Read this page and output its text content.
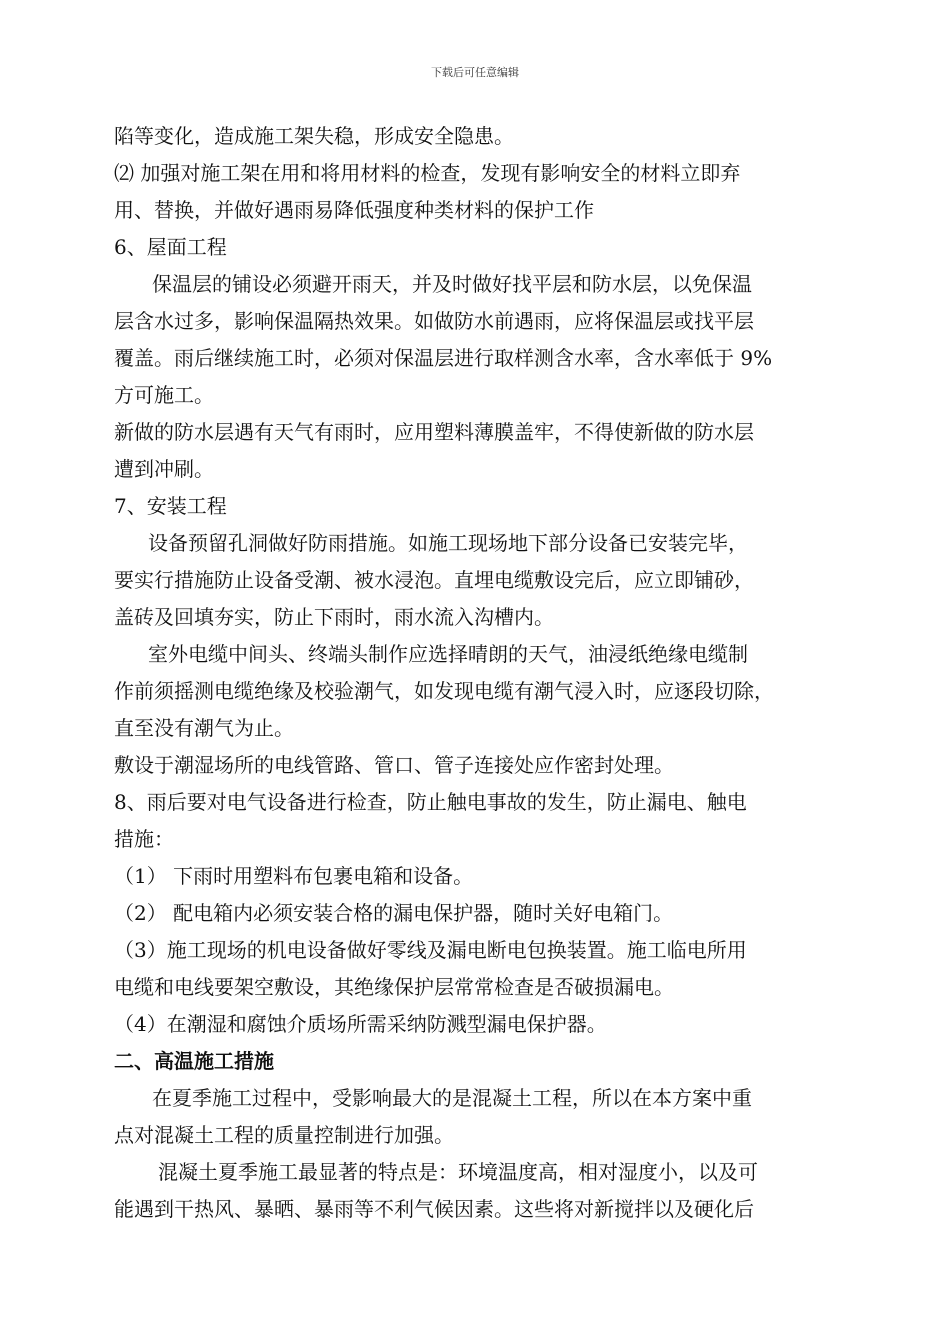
下载后可任意编辑
陷等变化，造成施工架失稳，形成安全隐患。
⑵ 加强对施工架在用和将用材料的检查，发现有影响安全的材料立即弃
用、替换，并做好遇雨易降低强度种类材料的保护工作
6、屋面工程
保温层的铺设必须避开雨天，并及时做好找平层和防水层，以免保温
层含水过多，影响保温隔热效果。如做防水前遇雨，应将保温层或找平层
覆盖。雨后继续施工时，必须对保温层进行取样测含水率，含水率低于 9%
方可施工。
新做的防水层遇有天气有雨时，应用塑料薄膜盖牢，不得使新做的防水层
遭到冲刷。
7、安装工程
设备预留孔洞做好防雨措施。如施工现场地下部分设备已安装完毕，
要实行措施防止设备受潮、被水浸泡。直埋电缆敷设完后，应立即铺砂，
盖砖及回填夯实，防止下雨时，雨水流入沟槽内。
室外电缆中间头、终端头制作应选择晴朗的天气，油浸纸绝缘电缆制
作前须摇测电缆绝缘及校验潮气，如发现电缆有潮气浸入时，应逐段切除，
直至没有潮气为止。
敷设于潮湿场所的电线管路、管口、管子连接处应作密封处理。
8、雨后要对电气设备进行检查，防止触电事故的发生，防止漏电、触电
措施：
（1） 下雨时用塑料布包裹电箱和设备。
（2） 配电箱内必须安装合格的漏电保护器，随时关好电箱门。
（3）施工现场的机电设备做好零线及漏电断电包换装置。施工临电所用
电缆和电线要架空敷设，其绝缘保护层常常检查是否破损漏电。
（4）在潮湿和腐蚀介质场所需采纳防溅型漏电保护器。
二、高温施工措施
在夏季施工过程中，受影响最大的是混凝土工程，所以在本方案中重
点对混凝土工程的质量控制进行加强。
混凝土夏季施工最显著的特点是：环境温度高，相对湿度小，以及可
能遇到干热风、暴晒、暴雨等不利气候因素。这些将对新搅拌以及硬化后
